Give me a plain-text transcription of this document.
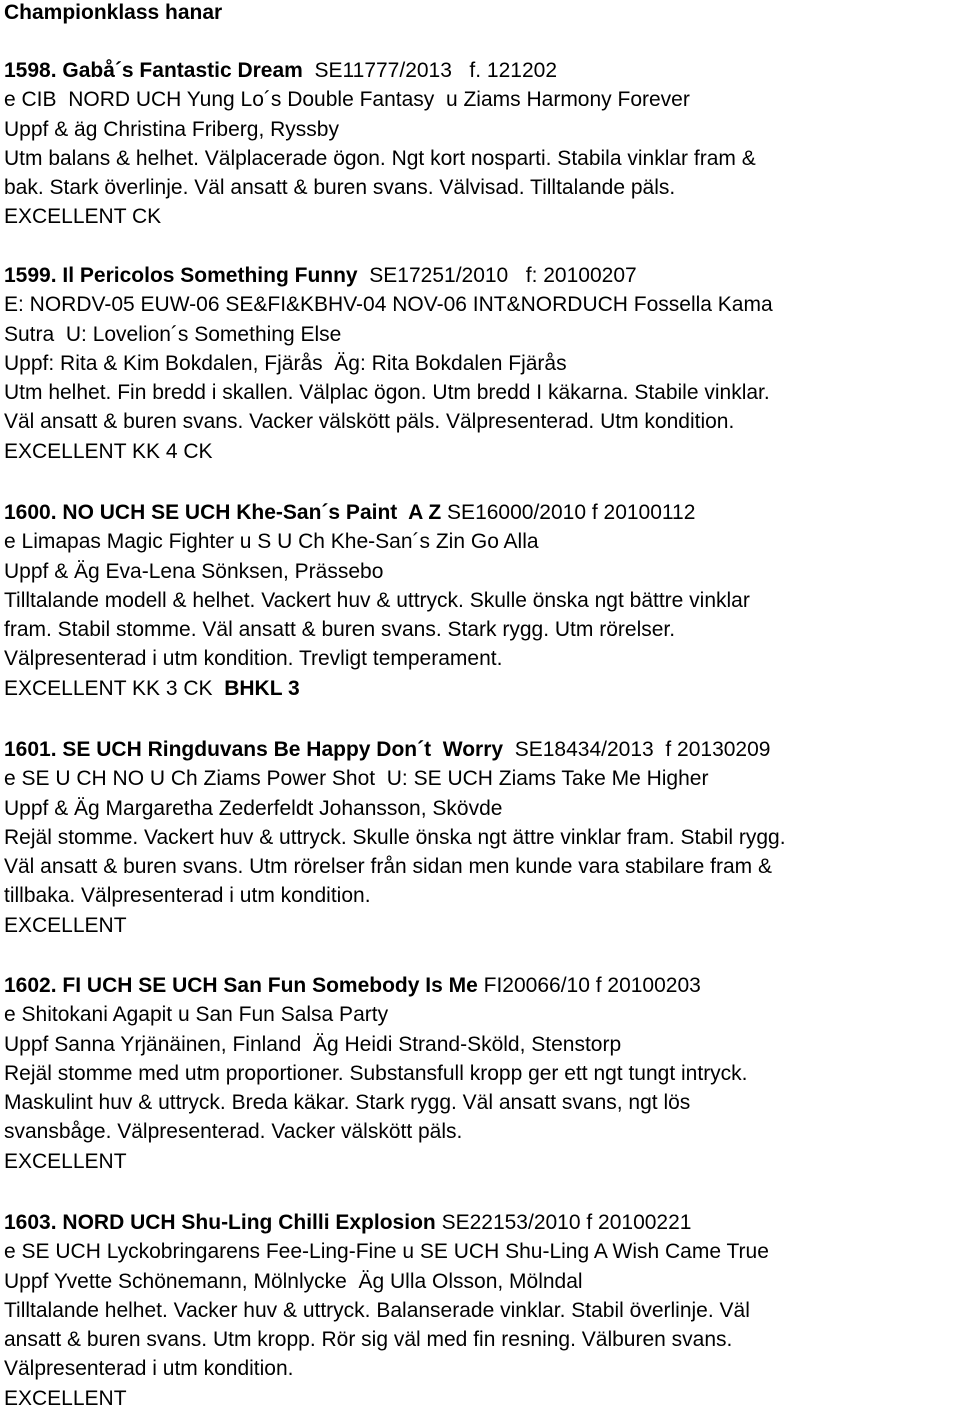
Championklass hanar
1598. Gabå´s Fantastic Dream  SE11777/2013   f. 121202
e CIB  NORD UCH Yung Lo´s Double Fantasy  u Ziams Harmony Forever
Uppf & äg Christina Friberg, Ryssby
Utm balans & helhet. Välplacerade ögon. Ngt kort nosparti. Stabila vinklar fram &
bak. Stark överlinje. Väl ansatt & buren svans. Välvisad. Tilltalande päls.
EXCELLENT CK
1599. Il Pericolos Something Funny  SE17251/2010   f: 20100207
E: NORDV-05 EUW-06 SE&FI&KBHV-04 NOV-06 INT&NORDUCH Fossella Kama
Sutra  U: Lovelion´s Something Else
Uppf: Rita & Kim Bokdalen, Fjärås  Äg: Rita Bokdalen Fjärås
Utm helhet. Fin bredd i skallen. Välplac ögon. Utm bredd I käkarna. Stabile vinklar.
Väl ansatt & buren svans. Vacker välskött päls. Välpresenterad. Utm kondition.
EXCELLENT KK 4 CK
1600. NO UCH SE UCH Khe-San´s Paint  A Z SE16000/2010 f 20100112
e Limapas Magic Fighter u S U Ch Khe-San´s Zin Go Alla
Uppf & Äg Eva-Lena Sönksen, Prässebo
Tilltalande modell & helhet. Vackert huv & uttryck. Skulle önska ngt bättre vinklar
fram. Stabil stomme. Väl ansatt & buren svans. Stark rygg. Utm rörelser.
Välpresenterad i utm kondition. Trevligt temperament.
EXCELLENT KK 3 CK BHKL 3
1601. SE UCH Ringduvans Be Happy Don´t  Worry  SE18434/2013  f 20130209
e SE U CH NO U Ch Ziams Power Shot  U: SE UCH Ziams Take Me Higher
Uppf & Äg Margaretha Zederfeldt Johansson, Skövde
Rejäl stomme. Vackert huv & uttryck. Skulle önska ngt ättre vinklar fram. Stabil rygg.
Väl ansatt & buren svans. Utm rörelser från sidan men kunde vara stabilare fram &
tillbaka. Välpresenterad i utm kondition.
EXCELLENT
1602. FI UCH SE UCH San Fun Somebody Is Me FI20066/10 f 20100203
e Shitokani Agapit u San Fun Salsa Party
Uppf Sanna Yrjänäinen, Finland  Äg Heidi Strand-Sköld, Stenstorp
Rejäl stomme med utm proportioner. Substansfull kropp ger ett ngt tungt intryck.
Maskulint huv & uttryck. Breda käkar. Stark rygg. Väl ansatt svans, ngt lös
svansbåge. Välpresenterad. Vacker välskött päls.
EXCELLENT
1603. NORD UCH Shu-Ling Chilli Explosion SE22153/2010 f 20100221
e SE UCH Lyckobringarens Fee-Ling-Fine u SE UCH Shu-Ling A Wish Came True
Uppf Yvette Schönemann, Mölnlycke  Äg Ulla Olsson, Mölndal
Tilltalande helhet. Vacker huv & uttryck. Balanserade vinklar. Stabil överlinje. Väl
ansatt & buren svans. Utm kropp. Rör sig väl med fin resning. Välburen svans.
Välpresenterad i utm kondition.
EXCELLENT
